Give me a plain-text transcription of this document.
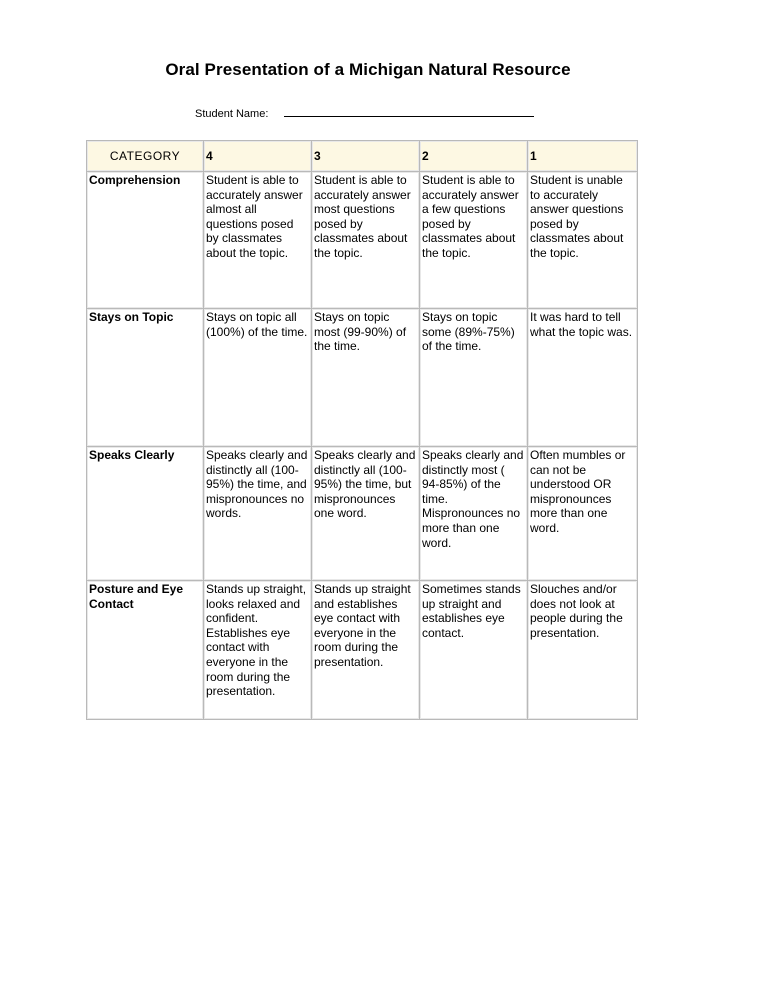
Oral Presentation of a Michigan Natural Resource
Student Name:
CATEGORY	4	3	2	1
Comprehension	Student is able to accurately answer almost all questions posed by classmates about the topic.	Student is able to accurately answer most questions posed by classmates about the topic.	Student is able to accurately answer a few questions posed by classmates about the topic.	Student is unable to accurately answer questions posed by classmates about the topic.
Stays on Topic	Stays on topic all (100%) of the time.	Stays on topic most (99-90%) of the time.	Stays on topic some (89%-75%) of the time.	It was hard to tell what the topic was.
Speaks Clearly	Speaks clearly and distinctly all (100-95%) the time, and mispronounces no words.	Speaks clearly and distinctly all (100-95%) the time, but mispronounces one word.	Speaks clearly and distinctly most ( 94-85%) of the time. Mispronounces no more than one word.	Often mumbles or can not be understood OR mispronounces more than one word.
Posture and Eye Contact	Stands up straight, looks relaxed and confident. Establishes eye contact with everyone in the room during the presentation.	Stands up straight and establishes eye contact with everyone in the room during the presentation.	Sometimes stands up straight and establishes eye contact.	Slouches and/or does not look at people during the presentation.
